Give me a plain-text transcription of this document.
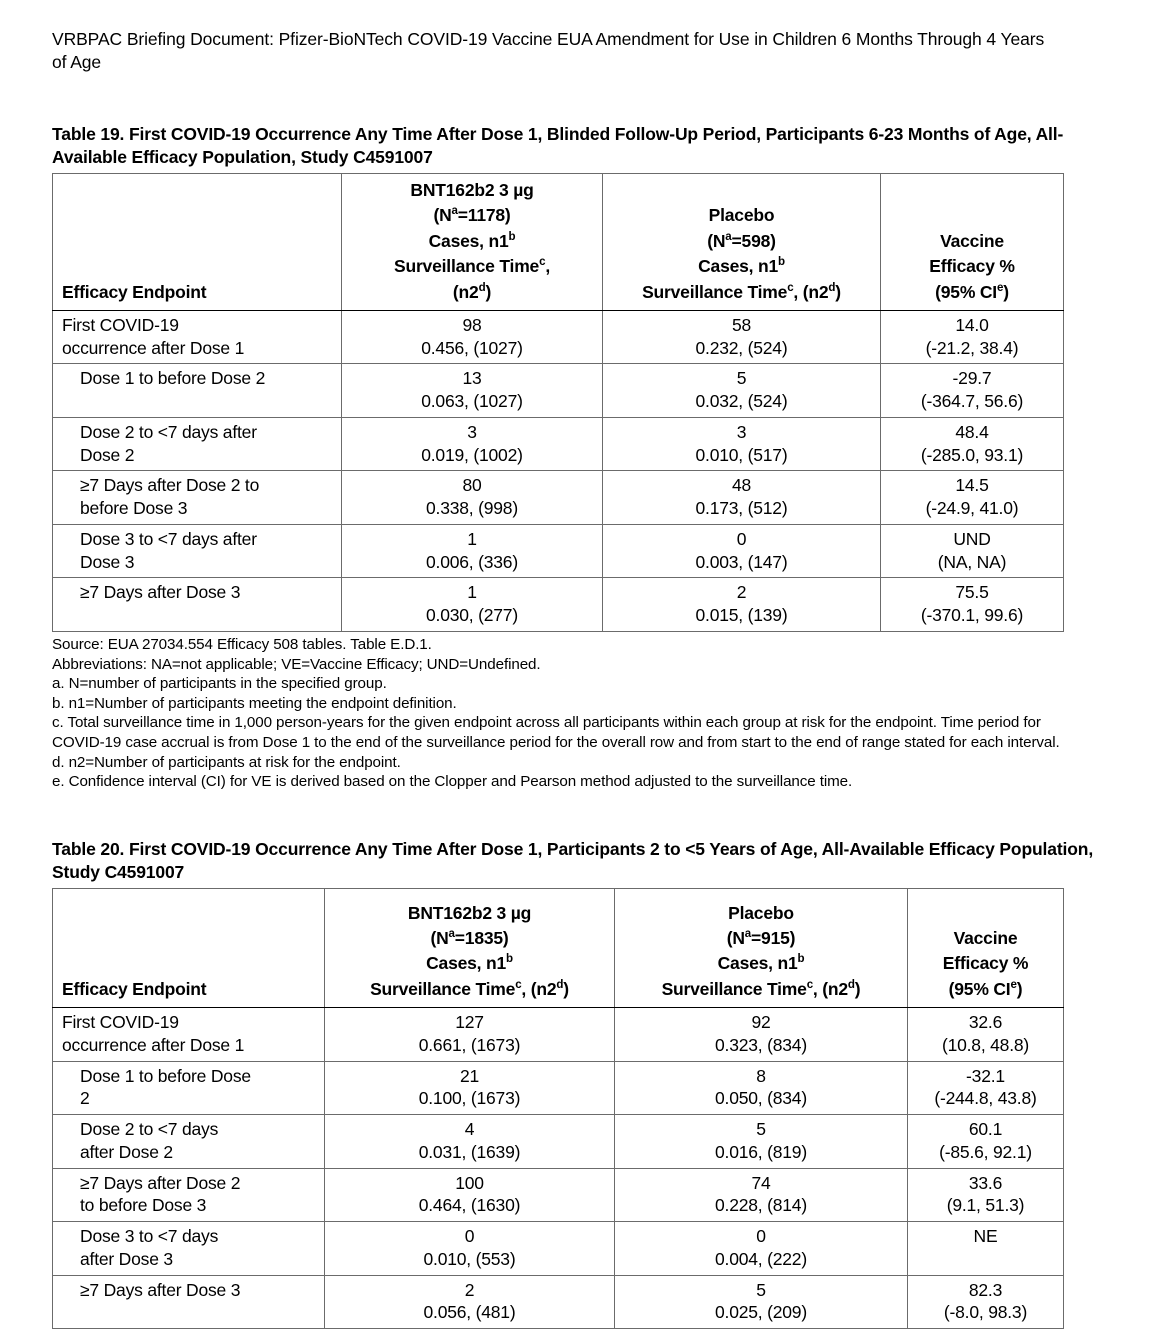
VRBPAC Briefing Document: Pfizer-BioNTech COVID-19 Vaccine EUA Amendment for Use in Children 6 Months Through 4 Years of Age
Table 19. First COVID-19 Occurrence Any Time After Dose 1, Blinded Follow-Up Period, Participants 6-23 Months of Age, All-Available Efficacy Population, Study C4591007
Efficacy Endpoint	BNT162b2 3 µg
$(N^a=1178)$
Cases, n1$^b$
Surveillance Time$^c$,
(n2$^d$)	Placebo
$(N^a=598)$
Cases, n1$^b$
Surveillance Time$^c$, (n2$^d$)	Vaccine
Efficacy %
(95% CIe)

First COVID-19
occurrence after Dose 1	98
0.456, (1027)	58
0.232, (524)	14.0
(-21.2, 38.4)

Dose 1 to before Dose 2	13
0.063, (1027)	5
0.032, (524)	-29.7
(-364.7, 56.6)

Dose 2 to <7 days after
Dose 2	3
0.019, (1002)	3
0.010, (517)	48.4
(-285.0, 93.1)

≥7 Days after Dose 2 to
before Dose 3	80
0.338, (998)	48
0.173, (512)	14.5
(-24.9, 41.0)

Dose 3 to <7 days after
Dose 3	1
0.006, (336)	0
0.003, (147)	UND
(NA, NA)

≥7 Days after Dose 3	1
0.030, (277)	2
0.015, (139)	75.5
(-370.1, 99.6)
Source: EUA 27034.554 Efficacy 508 tables. Table E.D.1.
Abbreviations: NA=not applicable; VE=Vaccine Efficacy; UND=Undefined.
a. N=number of participants in the specified group.
b. n1=Number of participants meeting the endpoint definition.
c. Total surveillance time in 1,000 person-years for the given endpoint across all participants within each group at risk for the endpoint. Time period for COVID-19 case accrual is from Dose 1 to the end of the surveillance period for the overall row and from start to the end of range stated for each interval.
d. n2=Number of participants at risk for the endpoint.
e. Confidence interval (CI) for VE is derived based on the Clopper and Pearson method adjusted to the surveillance time.
Table 20. First COVID-19 Occurrence Any Time After Dose 1, Participants 2 to <5 Years of Age, All-Available Efficacy Population, Study C4591007
Efficacy Endpoint	BNT162b2 3 µg
$(N^a=1835)$
Cases, n1$^b$
Surveillance Time$^c$, (n2$^d$)	Placebo
$(N^a=915)$
Cases, n1$^b$
Surveillance Time$^c$, (n2$^d$)	Vaccine
Efficacy %
(95% CIe)

First COVID-19
occurrence after Dose 1	127
0.661, (1673)	92
0.323, (834)	32.6
(10.8, 48.8)

Dose 1 to before Dose
2	21
0.100, (1673)	8
0.050, (834)	-32.1
(-244.8, 43.8)

Dose 2 to <7 days
after Dose 2	4
0.031, (1639)	5
0.016, (819)	60.1
(-85.6, 92.1)

≥7 Days after Dose 2
to before Dose 3	100
0.464, (1630)	74
0.228, (814)	33.6
(9.1, 51.3)

Dose 3 to <7 days
after Dose 3	0
0.010, (553)	0
0.004, (222)	NE

≥7 Days after Dose 3	2
0.056, (481)	5
0.025, (209)	82.3
(-8.0, 98.3)
